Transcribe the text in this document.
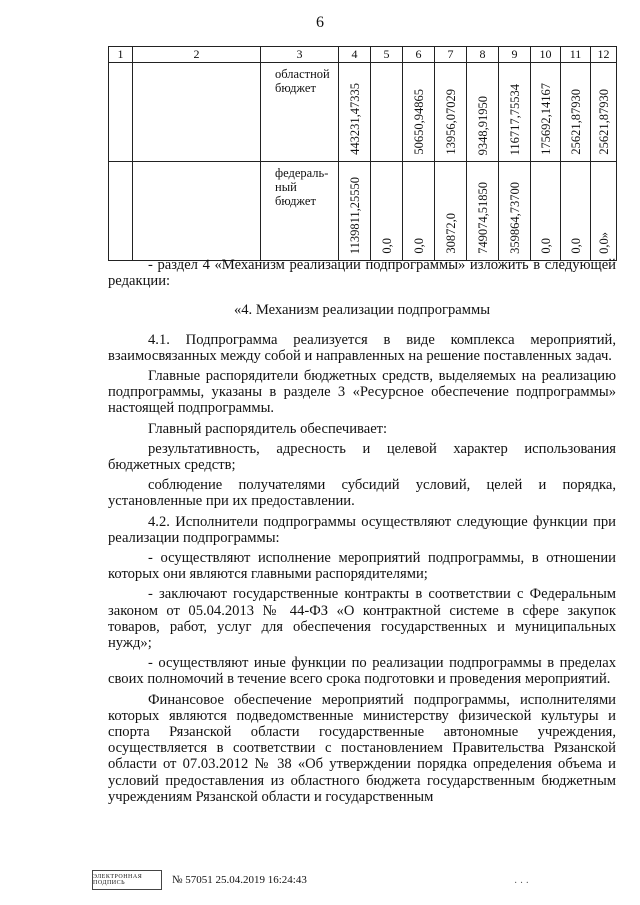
6
1	2	3	4	5	6	7	8	9	10	11	12
		областной бюджет	443231,47335		50650,94865	13956,07029	9348,91950	116717,75534	175692,14167	25621,87930	25621,87930

		федераль-ный бюджет	1139811,25550	0,0	0,0	30872,0	749074,51850	359864,73700	0,0	0,0	0,0»

- раздел 4 «Механизм реализации подпрограммы» изложить в следующей редакции:

«4. Механизм реализации подпрограммы

4.1. Подпрограмма реализуется в виде комплекса мероприятий, взаимосвязанных между собой и направленных на решение поставленных задач.

Главные распорядители бюджетных средств, выделяемых на реализацию подпрограммы, указаны в разделе 3 «Ресурсное обеспечение подпрограммы» настоящей подпрограммы.

Главный распорядитель обеспечивает:

результативность, адресность и целевой характер использования бюджетных средств;

соблюдение получателями субсидий условий, целей и порядка, установленные при их предоставлении.

4.2. Исполнители подпрограммы осуществляют следующие функции при реализации подпрограммы:

- осуществляют исполнение мероприятий подпрограммы, в отношении которых они являются главными распорядителями;

- заключают государственные контракты в соответствии с Федеральным законом от 05.04.2013 № 44-ФЗ «О контрактной системе в сфере закупок товаров, работ, услуг для обеспечения государственных и муниципальных нужд»;

- осуществляют иные функции по реализации подпрограммы в пределах своих полномочий в течение всего срока подготовки и проведения мероприятий.

Финансовое обеспечение мероприятий подпрограммы, исполнителями которых являются подведомственные министерству физической культуры и спорта Рязанской области государственные автономные учреждения, осуществляется в соответствии с постановлением Правительства Рязанской области от 07.03.2012 № 38 «Об утверждении порядка определения объема и условий предоставления из областного бюджета государственным бюджетным учреждениям Рязанской области и государственным

ЭЛЕКТРОННАЯ ПОДПИСЬ	№ 57051 25.04.2019 16:24:43	· · ·
